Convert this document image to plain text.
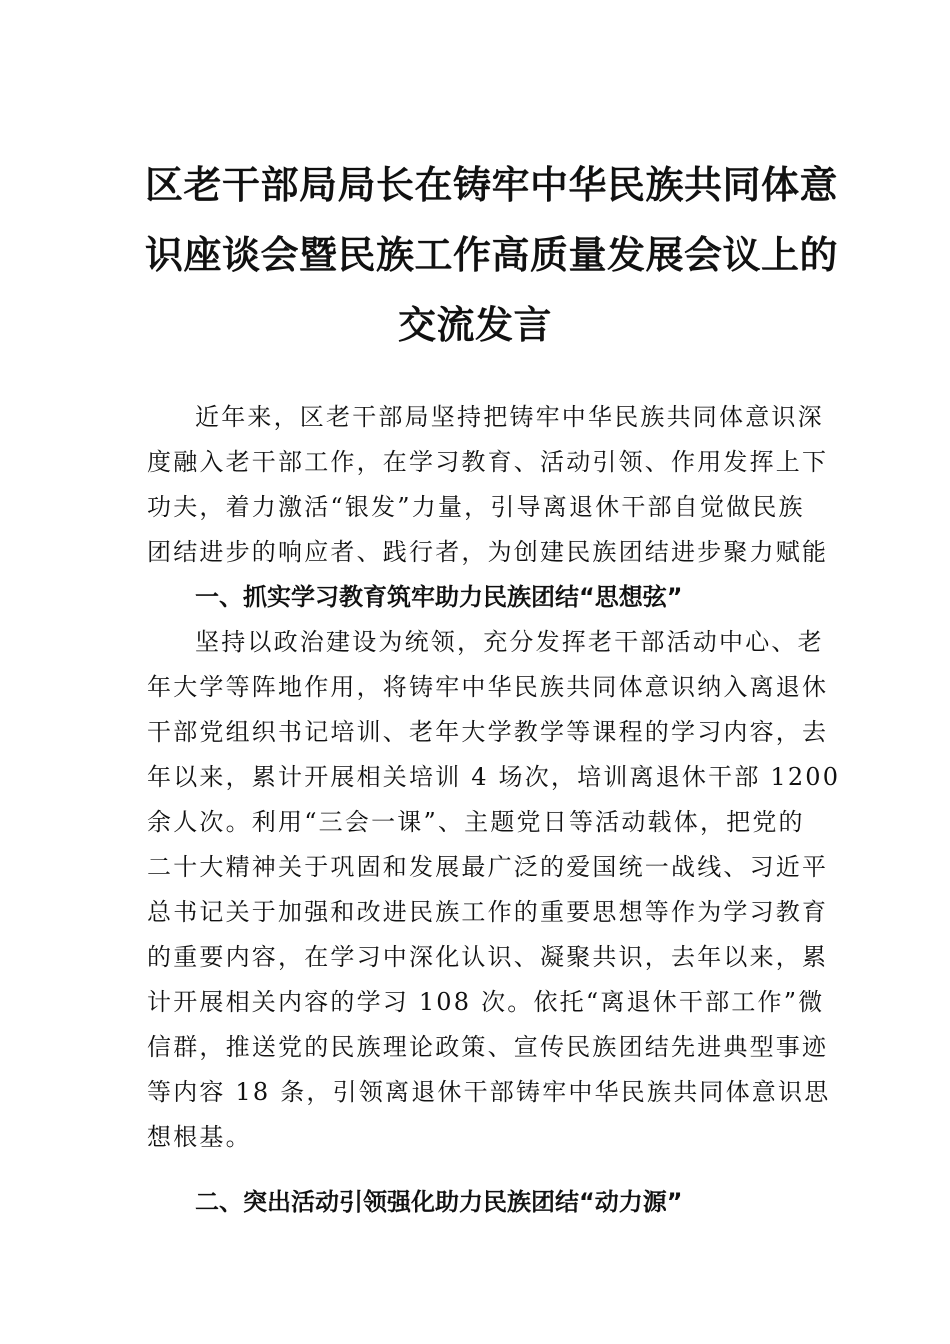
区老干部局局长在铸牢中华民族共同体意
识座谈会暨民族工作高质量发展会议上的
交流发言

近年来，区老干部局坚持把铸牢中华民族共同体意识深
度融入老干部工作，在学习教育、活动引领、作用发挥上下
功夫，着力激活“银发”力量，引导离退休干部自觉做民族
团结进步的响应者、践行者，为创建民族团结进步聚力赋能

一、抓实学习教育筑牢助力民族团结“思想弦”

坚持以政治建设为统领，充分发挥老干部活动中心、老
年大学等阵地作用，将铸牢中华民族共同体意识纳入离退休
干部党组织书记培训、老年大学教学等课程的学习内容，去
年以来，累计开展相关培训 4 场次，培训离退休干部 1200
余人次。利用“三会一课”、主题党日等活动载体，把党的
二十大精神关于巩固和发展最广泛的爱国统一战线、习近平
总书记关于加强和改进民族工作的重要思想等作为学习教育
的重要内容，在学习中深化认识、凝聚共识，去年以来，累
计开展相关内容的学习 108 次。依托“离退休干部工作”微
信群，推送党的民族理论政策、宣传民族团结先进典型事迹
等内容 18 条，引领离退休干部铸牢中华民族共同体意识思
想根基。

二、突出活动引领强化助力民族团结“动力源”
